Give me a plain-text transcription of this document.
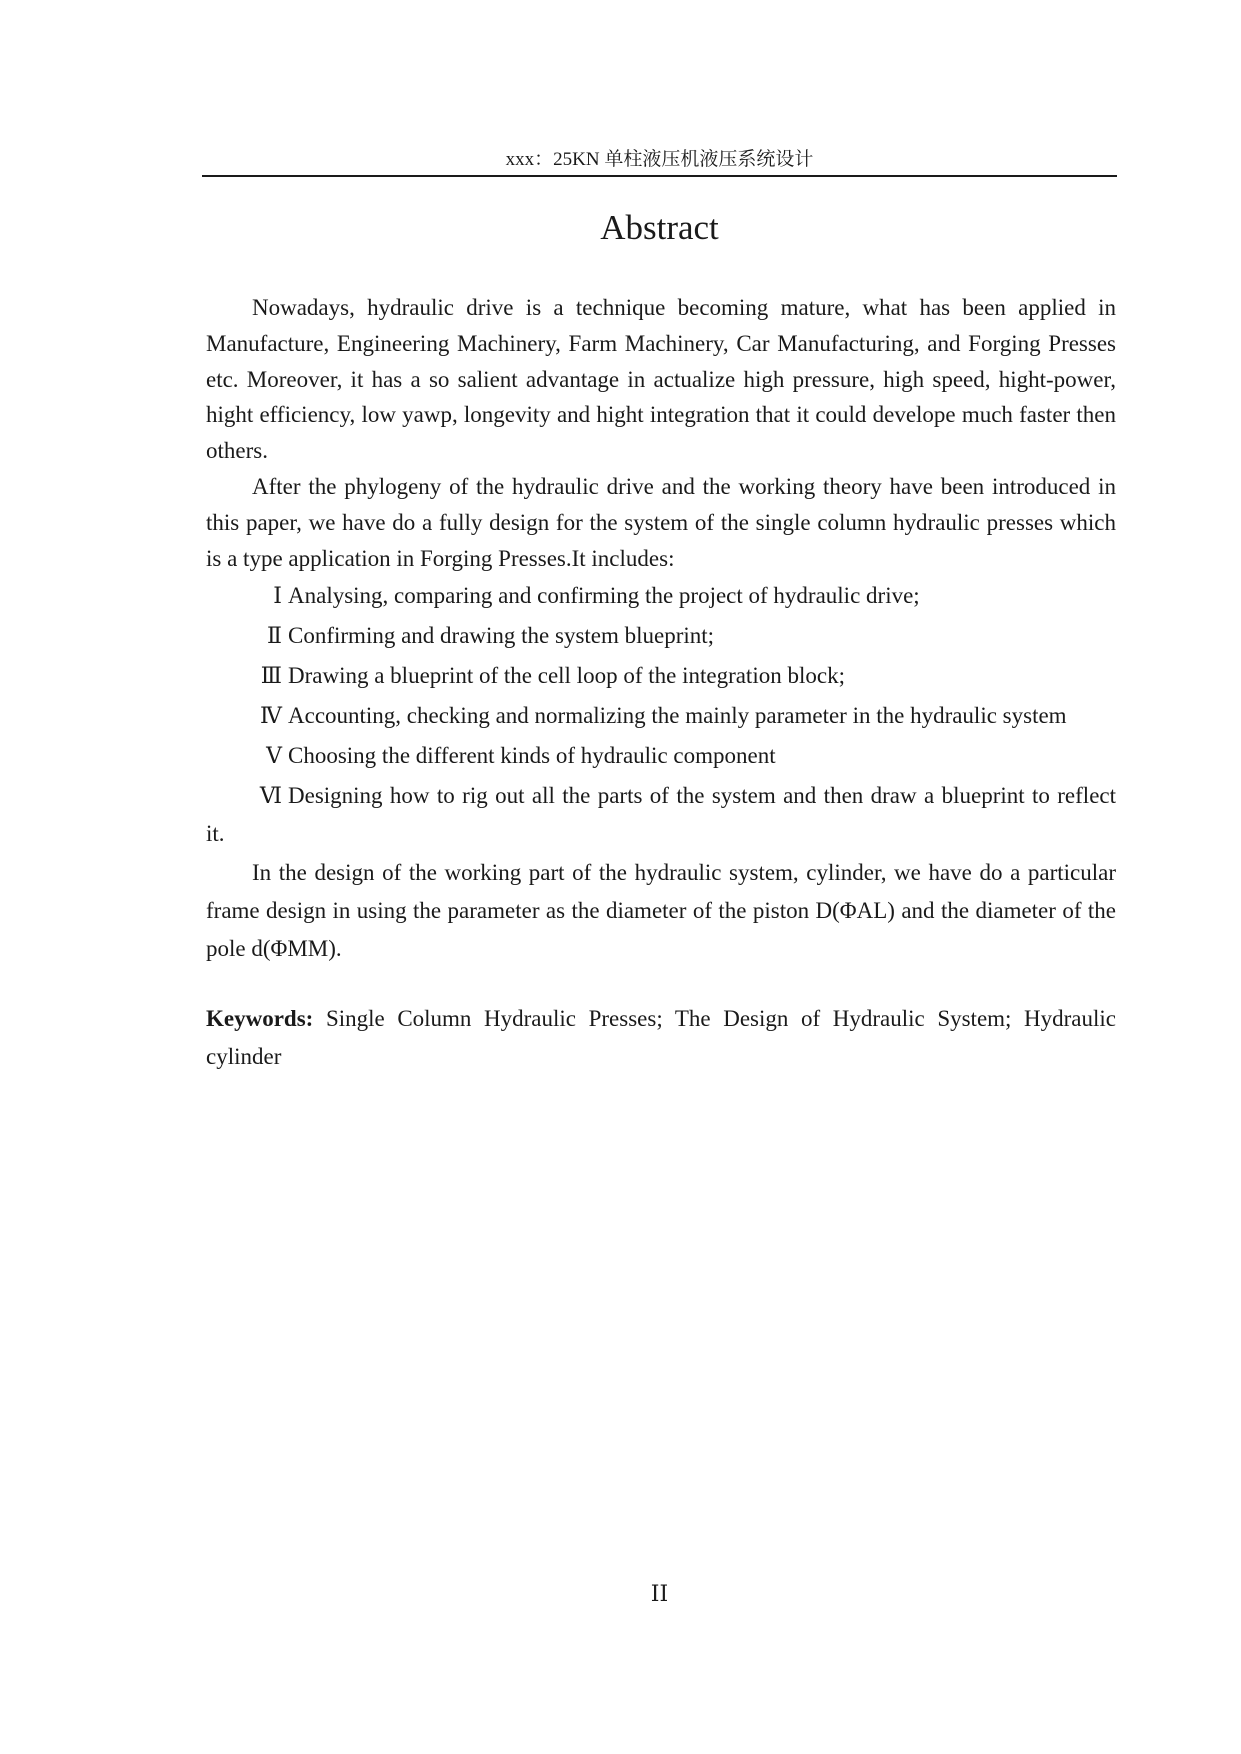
xxx：25KN 单柱液压机液压系统设计
Abstract

Nowadays, hydraulic drive is a technique becoming mature, what has been applied in Manufacture, Engineering Machinery, Farm Machinery, Car Manufacturing, and Forging Presses etc. Moreover, it has a so salient advantage in actualize high pressure, high speed, hight-power, hight efficiency, low yawp, longevity and hight integration that it could develope much faster then others.

After the phylogeny of the hydraulic drive and the working theory have been introduced in this paper, we have do a fully design for the system of the single column hydraulic presses which is a type application in Forging Presses.It includes:

Ⅰ Analysing, comparing and confirming the project of hydraulic drive;
Ⅱ Confirming and drawing the system blueprint;
Ⅲ Drawing a blueprint of the cell loop of the integration block;
Ⅳ Accounting, checking and normalizing the mainly parameter in the hydraulic system
Ⅴ Choosing the different kinds of hydraulic component
Ⅵ Designing how to rig out all the parts of the system and then draw a blueprint to reflect

it.

In the design of the working part of the hydraulic system, cylinder, we have do a particular frame design in using the parameter as the diameter of the piston D(ΦAL) and the diameter of the pole d(ΦMM).

Keywords: Single Column Hydraulic Presses; The Design of Hydraulic System; Hydraulic cylinder

II
